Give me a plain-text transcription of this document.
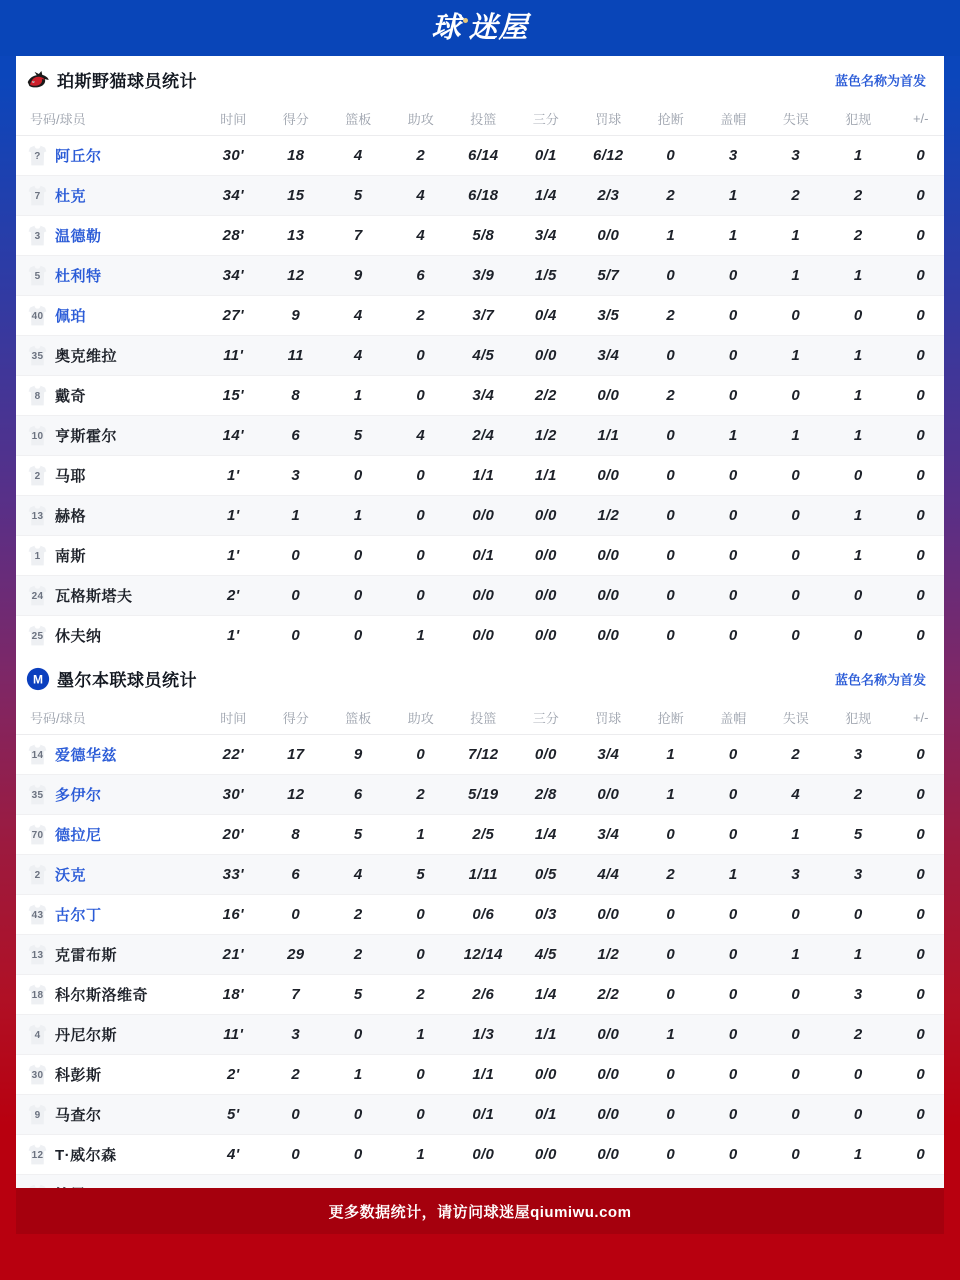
球 迷屋
珀斯野猫球员统计	蓝色名称为首发
号码/球员	时间	得分	篮板	助攻	投篮	三分	罚球	抢断	盖帽	失误	犯规	+/-

? 阿丘尔	30'	18	4	2	6/14	0/1	6/12	0	3	3	1	0

7 杜克	34'	15	5	4	6/18	1/4	2/3	2	1	2	2	0

3 温德勒	28'	13	7	4	5/8	3/4	0/0	1	1	1	2	0

5 杜利特	34'	12	9	6	3/9	1/5	5/7	0	0	1	1	0

40 佩珀	27'	9	4	2	3/7	0/4	3/5	2	0	0	0	0

35 奥克维拉	11'	11	4	0	4/5	0/0	3/4	0	0	1	1	0

8 戴奇	15'	8	1	0	3/4	2/2	0/0	2	0	0	1	0

10 亨斯霍尔	14'	6	5	4	2/4	1/2	1/1	0	1	1	1	0

2 马耶	1'	3	0	0	1/1	1/1	0/0	0	0	0	0	0

13 赫格	1'	1	1	0	0/0	0/0	1/2	0	0	0	1	0

1 南斯	1'	0	0	0	0/1	0/0	0/0	0	0	0	1	0

24 瓦格斯塔夫	2'	0	0	0	0/0	0/0	0/0	0	0	0	0	0

25 休夫纳	1'	0	0	1	0/0	0/0	0/0	0	0	0	0	0
M 墨尔本联球员统计	蓝色名称为首发
号码/球员	时间	得分	篮板	助攻	投篮	三分	罚球	抢断	盖帽	失误	犯规	+/-

14 爱德华兹	22'	17	9	0	7/12	0/0	3/4	1	0	2	3	0

35 多伊尔	30'	12	6	2	5/19	2/8	0/0	1	0	4	2	0

70 德拉尼	20'	8	5	1	2/5	1/4	3/4	0	0	1	5	0

2 沃克	33'	6	4	5	1/11	0/5	4/4	2	1	3	3	0

43 古尔丁	16'	0	2	0	0/6	0/3	0/0	0	0	0	0	0

13 克雷布斯	21'	29	2	0	12/14	4/5	1/2	0	0	1	1	0

18 科尔斯洛维奇	18'	7	5	2	2/6	1/4	2/2	0	0	0	3	0

4 丹尼尔斯	11'	3	0	1	1/3	1/1	0/0	1	0	0	2	0

30 科彭斯	2'	2	1	0	1/1	0/0	0/0	0	0	0	0	0

9 马查尔	5'	0	0	0	0/1	0/1	0/0	0	0	0	0	0

12 T·威尔森	4'	0	0	1	0/0	0/0	0/0	0	0	0	1	0

更多数据统计，请访问球迷屋qiumiwu.com
